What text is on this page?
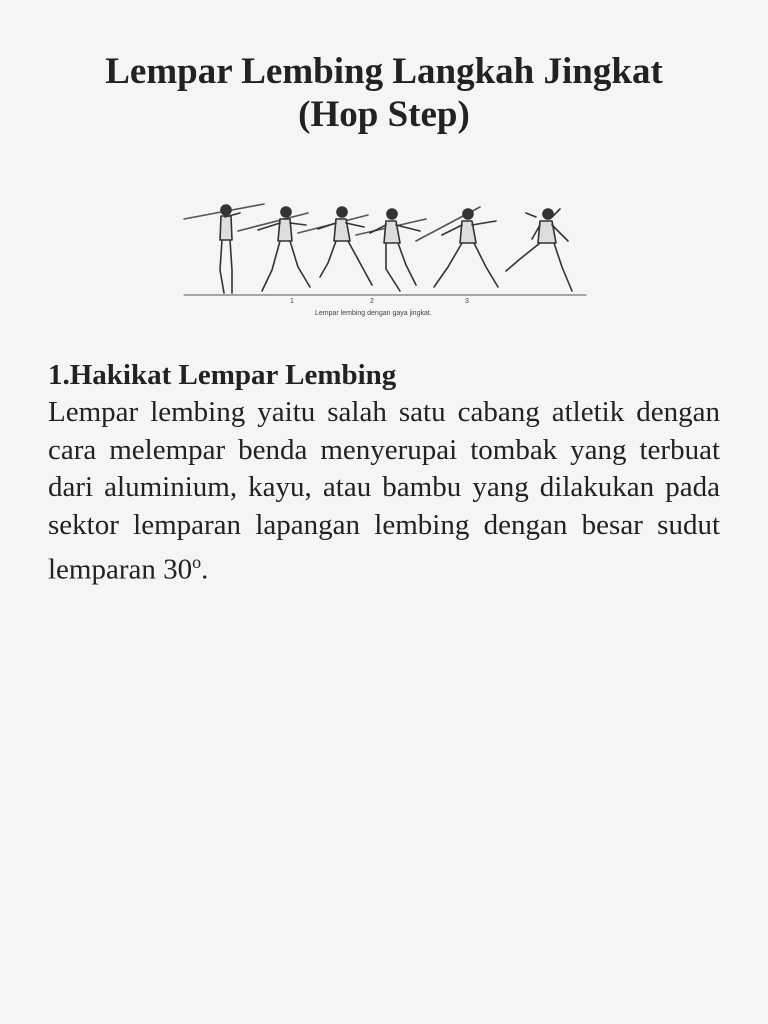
Lempar Lembing Langkah Jingkat
(Hop Step)
1	2	3
Lempar lembing dengan gaya jingkat.
1.Hakikat Lempar Lembing
Lempar lembing yaitu salah satu cabang atletik dengan cara melempar benda menyerupai tombak yang terbuat dari aluminium, kayu, atau bambu yang dilakukan pada sektor lemparan lapangan lembing dengan besar sudut lemparan 30$^o$.
